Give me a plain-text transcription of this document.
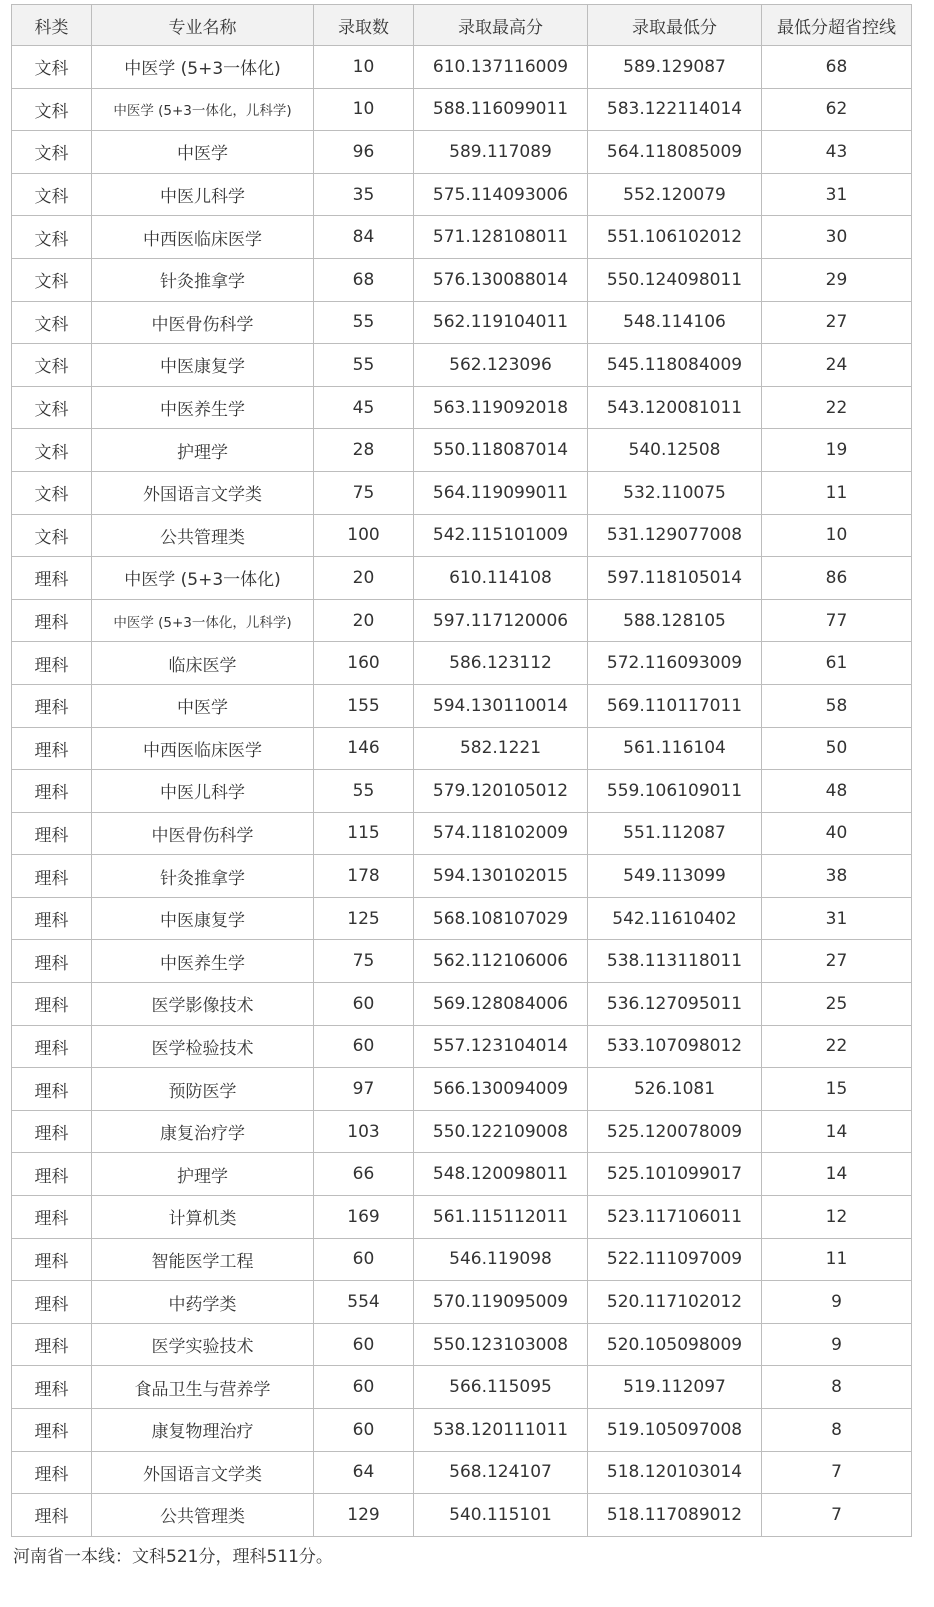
科类	专业名称	录取数	录取最高分	录取最低分	最低分超省控线
文科	中医学 (5+3一体化)	10	610.137116009	589.129087	68
文科	中医学 (5+3一体化，儿科学)	10	588.116099011	583.122114014	62
文科	中医学	96	589.117089	564.118085009	43
文科	中医儿科学	35	575.114093006	552.120079	31
文科	中西医临床医学	84	571.128108011	551.106102012	30
文科	针灸推拿学	68	576.130088014	550.124098011	29
文科	中医骨伤科学	55	562.119104011	548.114106	27
文科	中医康复学	55	562.123096	545.118084009	24
文科	中医养生学	45	563.119092018	543.120081011	22
文科	护理学	28	550.118087014	540.12508	19
文科	外国语言文学类	75	564.119099011	532.110075	11
文科	公共管理类	100	542.115101009	531.129077008	10
理科	中医学 (5+3一体化)	20	610.114108	597.118105014	86
理科	中医学 (5+3一体化，儿科学)	20	597.117120006	588.128105	77
理科	临床医学	160	586.123112	572.116093009	61
理科	中医学	155	594.130110014	569.110117011	58
理科	中西医临床医学	146	582.1221	561.116104	50
理科	中医儿科学	55	579.120105012	559.106109011	48
理科	中医骨伤科学	115	574.118102009	551.112087	40
理科	针灸推拿学	178	594.130102015	549.113099	38
理科	中医康复学	125	568.108107029	542.11610402	31
理科	中医养生学	75	562.112106006	538.113118011	27
理科	医学影像技术	60	569.128084006	536.127095011	25
理科	医学检验技术	60	557.123104014	533.107098012	22
理科	预防医学	97	566.130094009	526.1081	15
理科	康复治疗学	103	550.122109008	525.120078009	14
理科	护理学	66	548.120098011	525.101099017	14
理科	计算机类	169	561.115112011	523.117106011	12
理科	智能医学工程	60	546.119098	522.111097009	11
理科	中药学类	554	570.119095009	520.117102012	9
理科	医学实验技术	60	550.123103008	520.105098009	9
理科	食品卫生与营养学	60	566.115095	519.112097	8
理科	康复物理治疗	60	538.120111011	519.105097008	8
理科	外国语言文学类	64	568.124107	518.120103014	7
理科	公共管理类	129	540.115101	518.117089012	7
河南省一本线：文科521分，理科511分。
